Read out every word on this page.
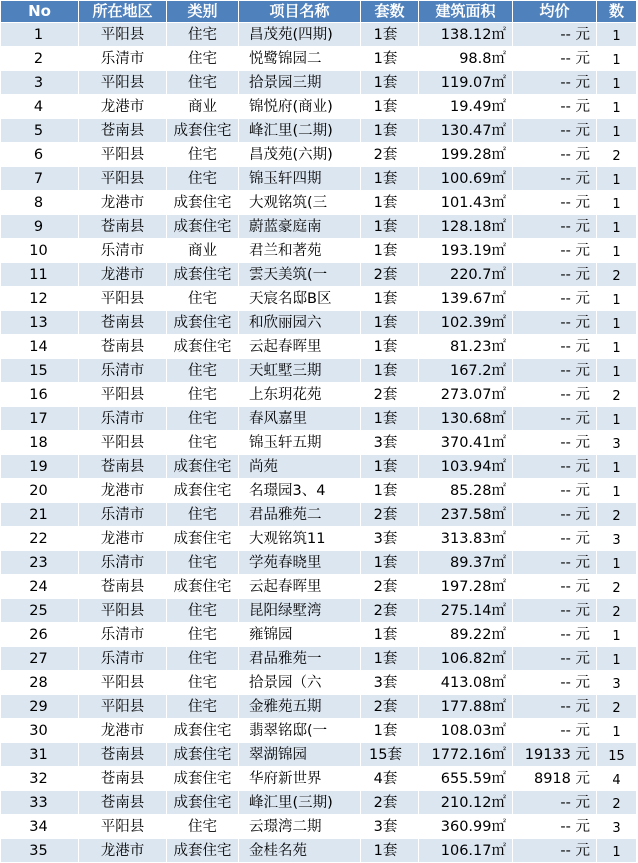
No	所在地区	类别	项目名称	套数	建筑面积	均价	数
1	平阳县	住宅	昌茂苑(四期)	1套	138.12㎡	-- 元	1
2	乐清市	住宅	悦鹭锦园二	1套	98.8㎡	-- 元	1
3	平阳县	住宅	拾景园三期	1套	119.07㎡	-- 元	1
4	龙港市	商业	锦悦府(商业)	1套	19.49㎡	-- 元	1
5	苍南县	成套住宅	峰汇里(二期)	1套	130.47㎡	-- 元	1
6	平阳县	住宅	昌茂苑(六期)	2套	199.28㎡	-- 元	2
7	平阳县	住宅	锦玉轩四期	1套	100.69㎡	-- 元	1
8	龙港市	成套住宅	大观铭筑(三	1套	101.43㎡	-- 元	1
9	苍南县	成套住宅	蔚蓝豪庭南	1套	128.18㎡	-- 元	1
10	乐清市	商业	君兰和著苑	1套	193.19㎡	-- 元	1
11	龙港市	成套住宅	雲天美筑(一	2套	220.7㎡	-- 元	2
12	平阳县	住宅	天宸名邸B区	1套	139.67㎡	-- 元	1
13	苍南县	成套住宅	和欣丽园六	1套	102.39㎡	-- 元	1
14	苍南县	成套住宅	云起春晖里	1套	81.23㎡	-- 元	1
15	乐清市	住宅	天虹墅三期	1套	167.2㎡	-- 元	1
16	平阳县	住宅	上东玥花苑	2套	273.07㎡	-- 元	2
17	乐清市	住宅	春风嘉里	1套	130.68㎡	-- 元	1
18	平阳县	住宅	锦玉轩五期	3套	370.41㎡	-- 元	3
19	苍南县	成套住宅	尚苑	1套	103.94㎡	-- 元	1
20	龙港市	成套住宅	名璟园3、4	1套	85.28㎡	-- 元	1
21	乐清市	住宅	君品雅苑二	2套	237.58㎡	-- 元	2
22	龙港市	成套住宅	大观铭筑11	3套	313.83㎡	-- 元	3
23	乐清市	住宅	学苑春晓里	1套	89.37㎡	-- 元	1
24	苍南县	成套住宅	云起春晖里	2套	197.28㎡	-- 元	2
25	平阳县	住宅	昆阳绿墅湾	2套	275.14㎡	-- 元	2
26	乐清市	住宅	雍锦园	1套	89.22㎡	-- 元	1
27	乐清市	住宅	君品雅苑一	1套	106.82㎡	-- 元	1
28	平阳县	住宅	拾景园（六	3套	413.08㎡	-- 元	3
29	平阳县	住宅	金雅苑五期	2套	177.88㎡	-- 元	2
30	龙港市	成套住宅	翡翠铭邸(一	1套	108.03㎡	-- 元	1
31	苍南县	成套住宅	翠湖锦园	15套	1772.16㎡	19133 元	15
32	苍南县	成套住宅	华府新世界	4套	655.59㎡	8918 元	4
33	苍南县	成套住宅	峰汇里(三期)	2套	210.12㎡	-- 元	2
34	平阳县	住宅	云璟湾二期	3套	360.99㎡	-- 元	3
35	龙港市	成套住宅	金桂名苑	1套	106.17㎡	-- 元	1
